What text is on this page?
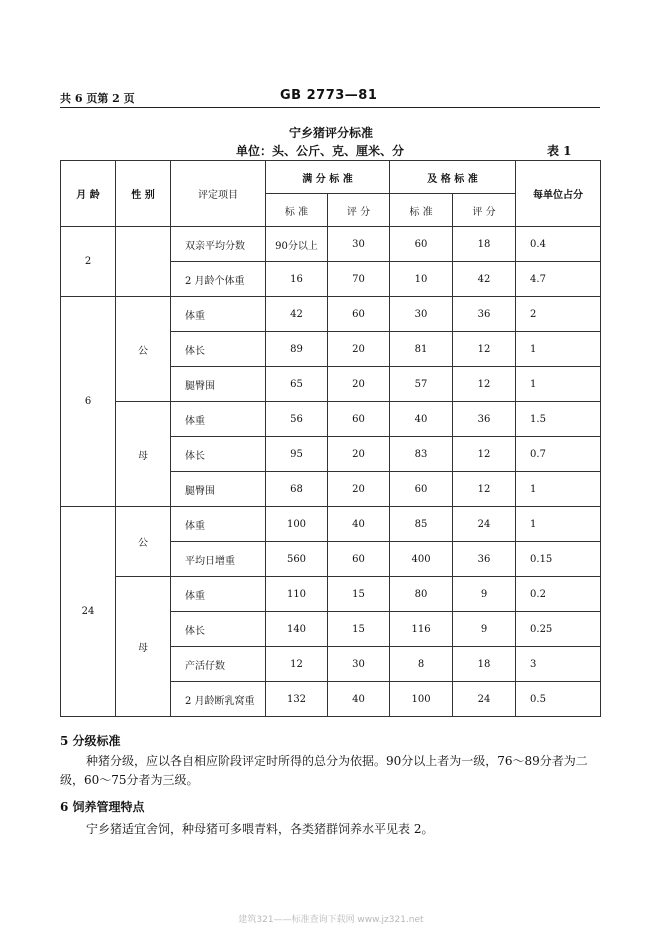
共 6 页第 2 页	GB 2773—81
宁乡猪评分标准
单位：头、公斤、克、厘米、分	表 1
月 龄	性 别	评定项目	满 分 标 准		及 格 标 准		每单位占分
			标 准	评 分	标 准	评 分	
2		双亲平均分数	90分以上	30	60	18	0.4
		2 月龄个体重	16	70	10	42	4.7
6	公	体重	42	60	30	36	2
		体长	89	20	81	12	1
		腿臀围	65	20	57	12	1
	母	体重	56	60	40	36	1.5
		体长	95	20	83	12	0.7
		腿臀围	68	20	60	12	1
24	公	体重	100	40	85	24	1
		平均日增重	560	60	400	36	0.15
	母	体重	110	15	80	9	0.2
		体长	140	15	116	9	0.25
		产活仔数	12	30	8	18	3
		2 月龄断乳窝重	132	40	100	24	0.5
5 分级标准
种猪分级，应以各自相应阶段评定时所得的总分为依据。90分以上者为一级，76～89分者为二级，60～75分者为三级。
6 饲养管理特点
宁乡猪适宜舍饲，种母猪可多喂青料，各类猪群饲养水平见表 2。
建筑321——标准查询下载网 www.jz321.net
